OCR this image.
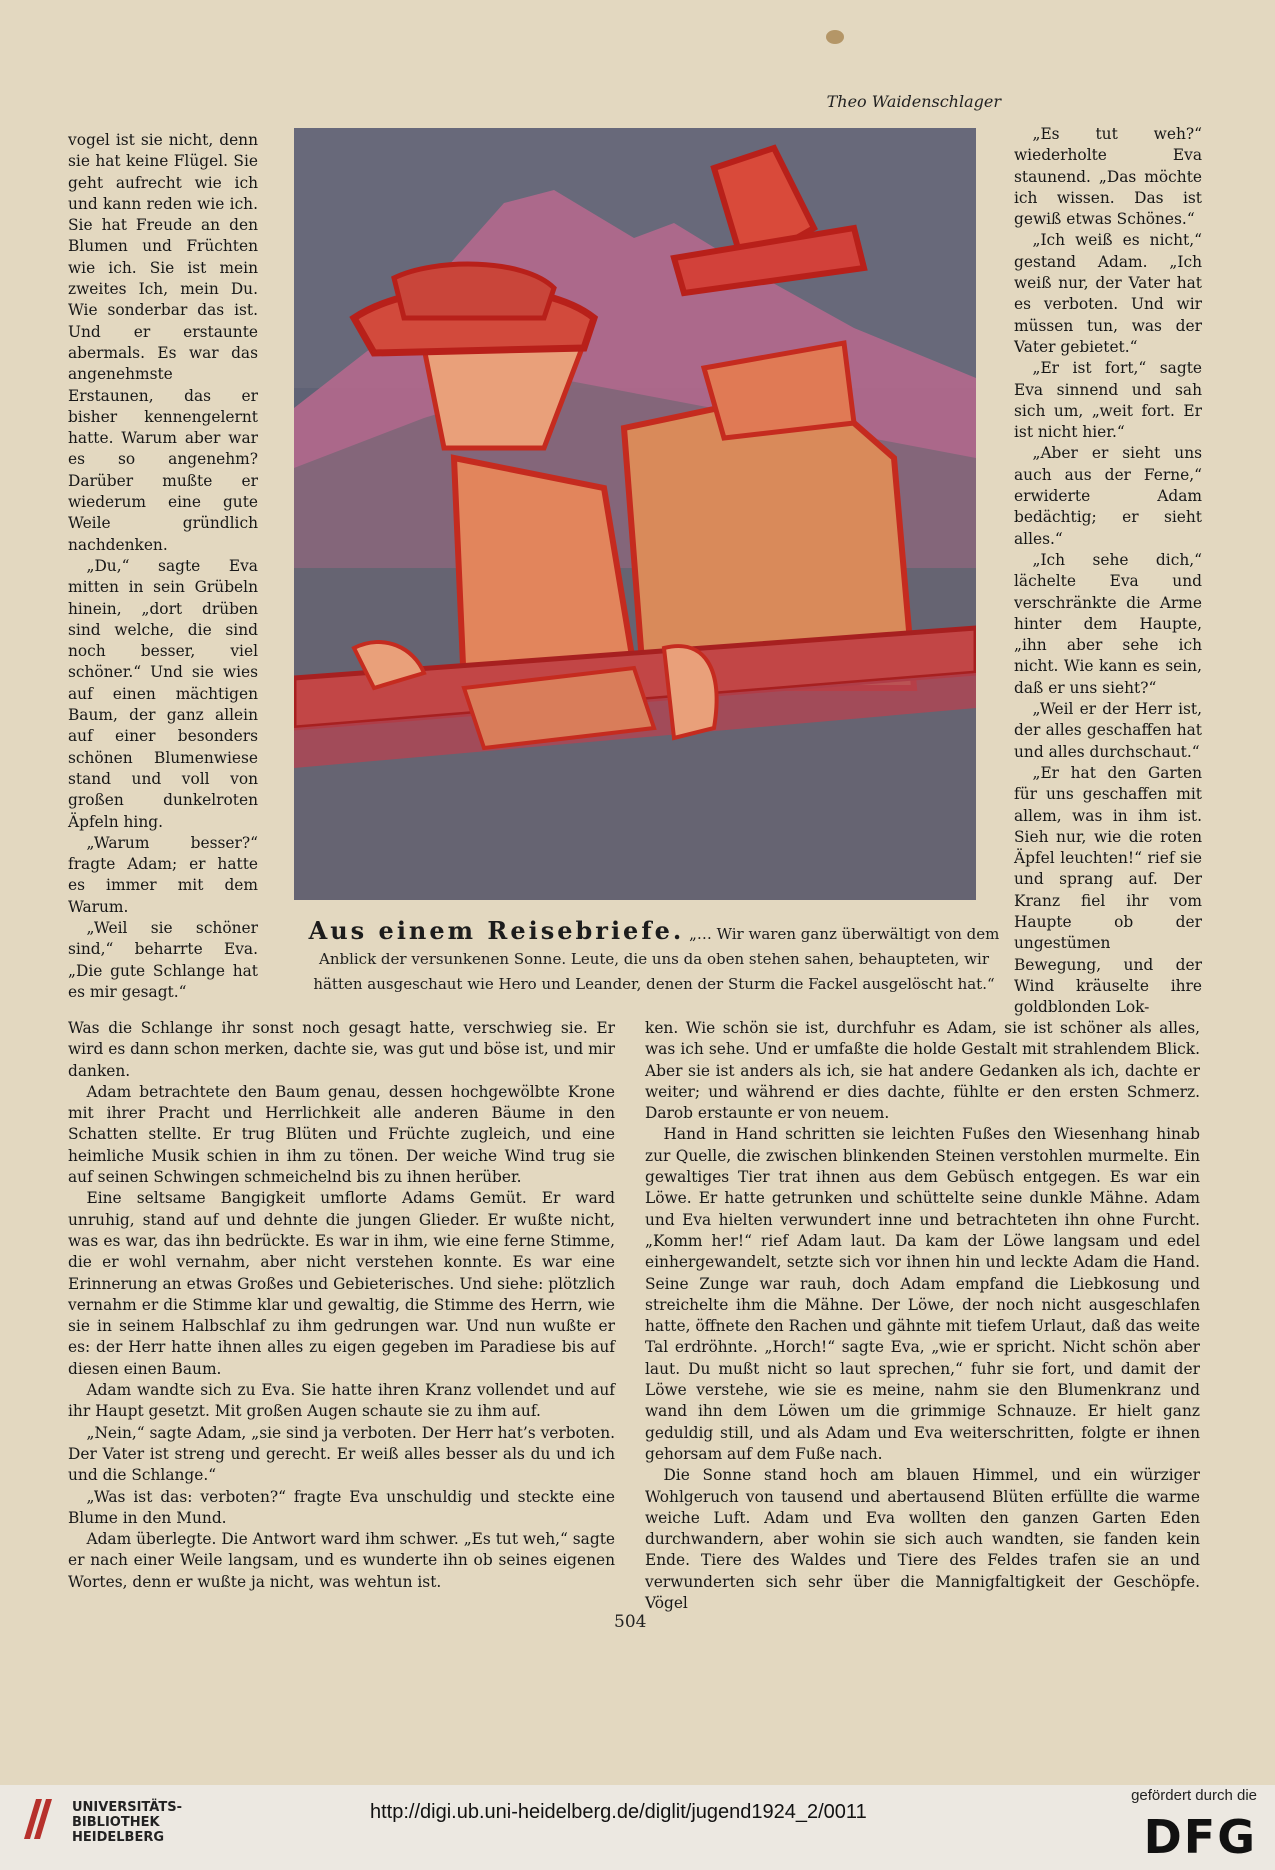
Theo Waidenschlager

vogel ist sie nicht, denn sie hat keine Flügel. Sie geht aufrecht wie ich und kann reden wie ich. Sie hat Freude an den Blumen und Früchten wie ich. Sie ist mein zweites Ich, mein Du. Wie sonderbar das ist. Und er erstaunte abermals. Es war das angenehmste Erstaunen, das er bisher kennengelernt hatte. Warum aber war es so angenehm? Darüber mußte er wiederum eine gute Weile gründlich nachdenken.

„Du,“ sagte Eva mitten in sein Grübeln hinein, „dort drüben sind welche, die sind noch besser, viel schöner.“ Und sie wies auf einen mächtigen Baum, der ganz allein auf einer besonders schönen Blumenwiese stand und voll von großen dunkelroten Äpfeln hing.

„Warum besser?“ fragte Adam; er hatte es immer mit dem Warum.

„Weil sie schöner sind,“ beharrte Eva. „Die gute Schlange hat es mir gesagt.“

Aus einem Reisebriefe. „… Wir waren ganz überwältigt von dem Anblick der versunkenen Sonne. Leute, die uns da oben stehen sahen, behaupteten, wir hätten ausgeschaut wie Hero und Leander, denen der Sturm die Fackel ausgelöscht hat.“

„Es tut weh?“ wiederholte Eva staunend. „Das möchte ich wissen. Das ist gewiß etwas Schönes.“

„Ich weiß es nicht,“ gestand Adam. „Ich weiß nur, der Vater hat es verboten. Und wir müssen tun, was der Vater gebietet.“

„Er ist fort,“ sagte Eva sinnend und sah sich um, „weit fort. Er ist nicht hier.“

„Aber er sieht uns auch aus der Ferne,“ erwiderte Adam bedächtig; er sieht alles.“

„Ich sehe dich,“ lächelte Eva und verschränkte die Arme hinter dem Haupte, „ihn aber sehe ich nicht. Wie kann es sein, daß er uns sieht?“

„Weil er der Herr ist, der alles geschaffen hat und alles durchschaut.“

„Er hat den Garten für uns geschaffen mit allem, was in ihm ist. Sieh nur, wie die roten Äpfel leuchten!“ rief sie und sprang auf. Der Kranz fiel ihr vom Haupte ob der ungestümen Bewegung, und der Wind kräuselte ihre goldblonden Lok-

Was die Schlange ihr sonst noch gesagt hatte, verschwieg sie. Er wird es dann schon merken, dachte sie, was gut und böse ist, und mir danken.

Adam betrachtete den Baum genau, dessen hochgewölbte Krone mit ihrer Pracht und Herrlichkeit alle anderen Bäume in den Schatten stellte. Er trug Blüten und Früchte zugleich, und eine heimliche Musik schien in ihm zu tönen. Der weiche Wind trug sie auf seinen Schwingen schmeichelnd bis zu ihnen herüber.

Eine seltsame Bangigkeit umflorte Adams Gemüt. Er ward unruhig, stand auf und dehnte die jungen Glieder. Er wußte nicht, was es war, das ihn bedrückte. Es war in ihm, wie eine ferne Stimme, die er wohl vernahm, aber nicht verstehen konnte. Es war eine Erinnerung an etwas Großes und Gebieterisches. Und siehe: plötzlich vernahm er die Stimme klar und gewaltig, die Stimme des Herrn, wie sie in seinem Halbschlaf zu ihm gedrungen war. Und nun wußte er es: der Herr hatte ihnen alles zu eigen gegeben im Paradiese bis auf diesen einen Baum.

Adam wandte sich zu Eva. Sie hatte ihren Kranz vollendet und auf ihr Haupt gesetzt. Mit großen Augen schaute sie zu ihm auf.

„Nein,“ sagte Adam, „sie sind ja verboten. Der Herr hat’s verboten. Der Vater ist streng und gerecht. Er weiß alles besser als du und ich und die Schlange.“

„Was ist das: verboten?“ fragte Eva unschuldig und steckte eine Blume in den Mund.

Adam überlegte. Die Antwort ward ihm schwer. „Es tut weh,“ sagte er nach einer Weile langsam, und es wunderte ihn ob seines eigenen Wortes, denn er wußte ja nicht, was wehtun ist.

ken. Wie schön sie ist, durchfuhr es Adam, sie ist schöner als alles, was ich sehe. Und er umfaßte die holde Gestalt mit strahlendem Blick. Aber sie ist anders als ich, sie hat andere Gedanken als ich, dachte er weiter; und während er dies dachte, fühlte er den ersten Schmerz. Darob erstaunte er von neuem.

Hand in Hand schritten sie leichten Fußes den Wiesenhang hinab zur Quelle, die zwischen blinkenden Steinen verstohlen murmelte. Ein gewaltiges Tier trat ihnen aus dem Gebüsch entgegen. Es war ein Löwe. Er hatte getrunken und schüttelte seine dunkle Mähne. Adam und Eva hielten verwundert inne und betrachteten ihn ohne Furcht. „Komm her!“ rief Adam laut. Da kam der Löwe langsam und edel einhergewandelt, setzte sich vor ihnen hin und leckte Adam die Hand. Seine Zunge war rauh, doch Adam empfand die Liebkosung und streichelte ihm die Mähne. Der Löwe, der noch nicht ausgeschlafen hatte, öffnete den Rachen und gähnte mit tiefem Urlaut, daß das weite Tal erdröhnte. „Horch!“ sagte Eva, „wie er spricht. Nicht schön aber laut. Du mußt nicht so laut sprechen,“ fuhr sie fort, und damit der Löwe verstehe, wie sie es meine, nahm sie den Blumenkranz und wand ihn dem Löwen um die grimmige Schnauze. Er hielt ganz geduldig still, und als Adam und Eva weiterschritten, folgte er ihnen gehorsam auf dem Fuße nach.

Die Sonne stand hoch am blauen Himmel, und ein würziger Wohlgeruch von tausend und abertausend Blüten erfüllte die warme weiche Luft. Adam und Eva wollten den ganzen Garten Eden durchwandern, aber wohin sie sich auch wandten, sie fanden kein Ende. Tiere des Waldes und Tiere des Feldes trafen sie an und verwunderten sich sehr über die Mannigfaltigkeit der Geschöpfe. Vögel

504
UNIVERSITÄTS-
BIBLIOTHEK
HEIDELBERG
http://digi.ub.uni-heidelberg.de/diglit/jugend1924_2/0011
gefördert durch die
DFG
